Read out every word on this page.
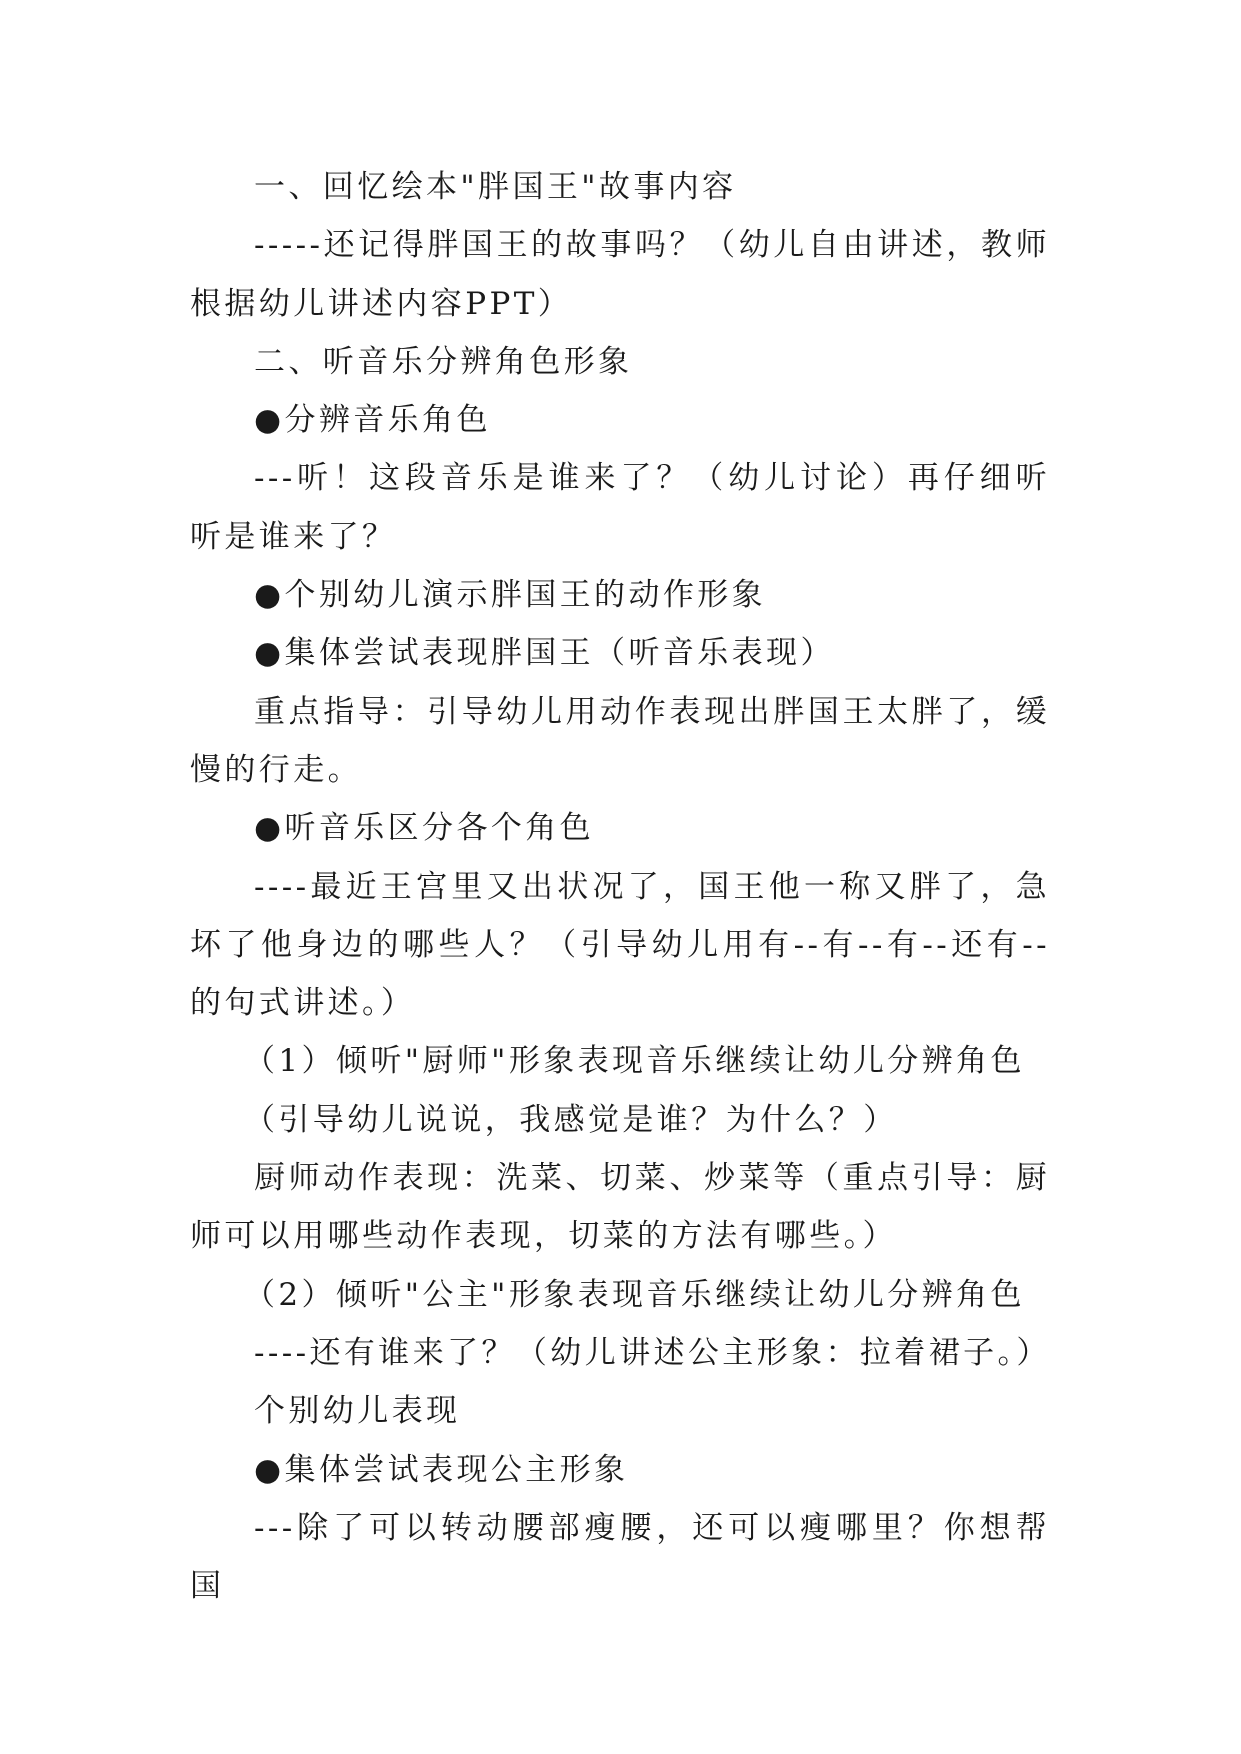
一、回忆绘本"胖国王"故事内容

-----还记得胖国王的故事吗？（幼儿自由讲述，教师根据幼儿讲述内容PPT）

二、听音乐分辨角色形象

●分辨音乐角色

---听！这段音乐是谁来了？（幼儿讨论）再仔细听听是谁来了？

●个别幼儿演示胖国王的动作形象

●集体尝试表现胖国王（听音乐表现）

重点指导：引导幼儿用动作表现出胖国王太胖了，缓慢的行走。

●听音乐区分各个角色

----最近王宫里又出状况了，国王他一称又胖了，急坏了他身边的哪些人？（引导幼儿用有--有--有--还有--的句式讲述。）

（1）倾听"厨师"形象表现音乐继续让幼儿分辨角色

（引导幼儿说说，我感觉是谁？为什么？）

厨师动作表现：洗菜、切菜、炒菜等（重点引导：厨师可以用哪些动作表现，切菜的方法有哪些。）

（2）倾听"公主"形象表现音乐继续让幼儿分辨角色

----还有谁来了？（幼儿讲述公主形象：拉着裙子。）

个别幼儿表现

●集体尝试表现公主形象

---除了可以转动腰部瘦腰，还可以瘦哪里？你想帮国
